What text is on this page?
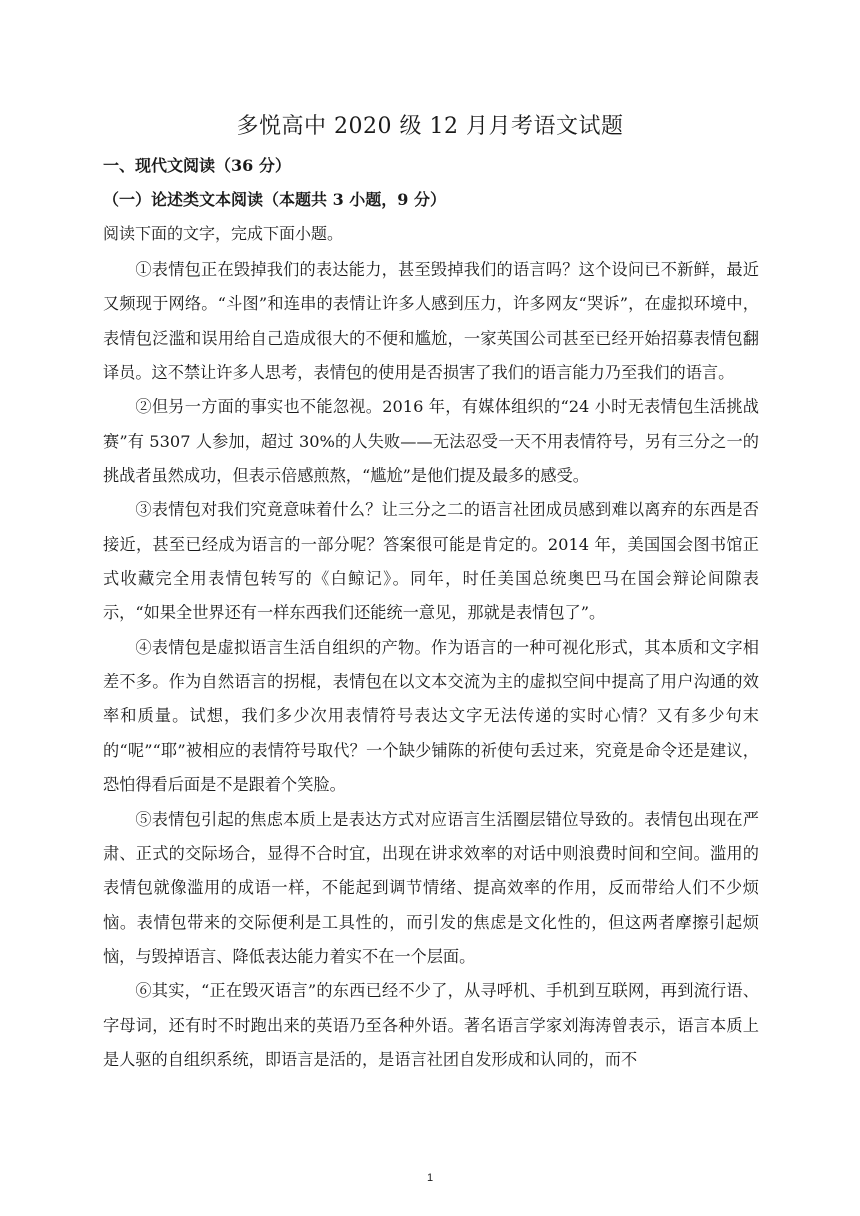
多悦高中 2020 级 12 月月考语文试题
一、现代文阅读（36 分）
（一）论述类文本阅读（本题共 3 小题，9 分）
阅读下面的文字，完成下面小题。

①表情包正在毁掉我们的表达能力，甚至毁掉我们的语言吗？这个设问已不新鲜，最近又频现于网络。“斗图”和连串的表情让许多人感到压力，许多网友“哭诉”，在虚拟环境中，表情包泛滥和误用给自己造成很大的不便和尴尬，一家英国公司甚至已经开始招募表情包翻译员。这不禁让许多人思考，表情包的使用是否损害了我们的语言能力乃至我们的语言。

②但另一方面的事实也不能忽视。2016 年，有媒体组织的“24 小时无表情包生活挑战赛”有 5307 人参加，超过 30%的人失败——无法忍受一天不用表情符号，另有三分之一的挑战者虽然成功，但表示倍感煎熬，“尴尬”是他们提及最多的感受。

③表情包对我们究竟意味着什么？让三分之二的语言社团成员感到难以离弃的东西是否接近，甚至已经成为语言的一部分呢？答案很可能是肯定的。2014 年，美国国会图书馆正式收藏完全用表情包转写的《白鲸记》。同年，时任美国总统奥巴马在国会辩论间隙表示，“如果全世界还有一样东西我们还能统一意见，那就是表情包了”。

④表情包是虚拟语言生活自组织的产物。作为语言的一种可视化形式，其本质和文字相差不多。作为自然语言的拐棍，表情包在以文本交流为主的虚拟空间中提高了用户沟通的效率和质量。试想，我们多少次用表情符号表达文字无法传递的实时心情？又有多少句末的“呢”“耶”被相应的表情符号取代？一个缺少铺陈的祈使句丢过来，究竟是命令还是建议，恐怕得看后面是不是跟着个笑脸。

⑤表情包引起的焦虑本质上是表达方式对应语言生活圈层错位导致的。表情包出现在严肃、正式的交际场合，显得不合时宜，出现在讲求效率的对话中则浪费时间和空间。滥用的表情包就像滥用的成语一样，不能起到调节情绪、提高效率的作用，反而带给人们不少烦恼。表情包带来的交际便利是工具性的，而引发的焦虑是文化性的，但这两者摩擦引起烦恼，与毁掉语言、降低表达能力着实不在一个层面。

⑥其实，“正在毁灭语言”的东西已经不少了，从寻呼机、手机到互联网，再到流行语、字母词，还有时不时跑出来的英语乃至各种外语。著名语言学家刘海涛曾表示，语言本质上是人驱的自组织系统，即语言是活的，是语言社团自发形成和认同的，而不

1
